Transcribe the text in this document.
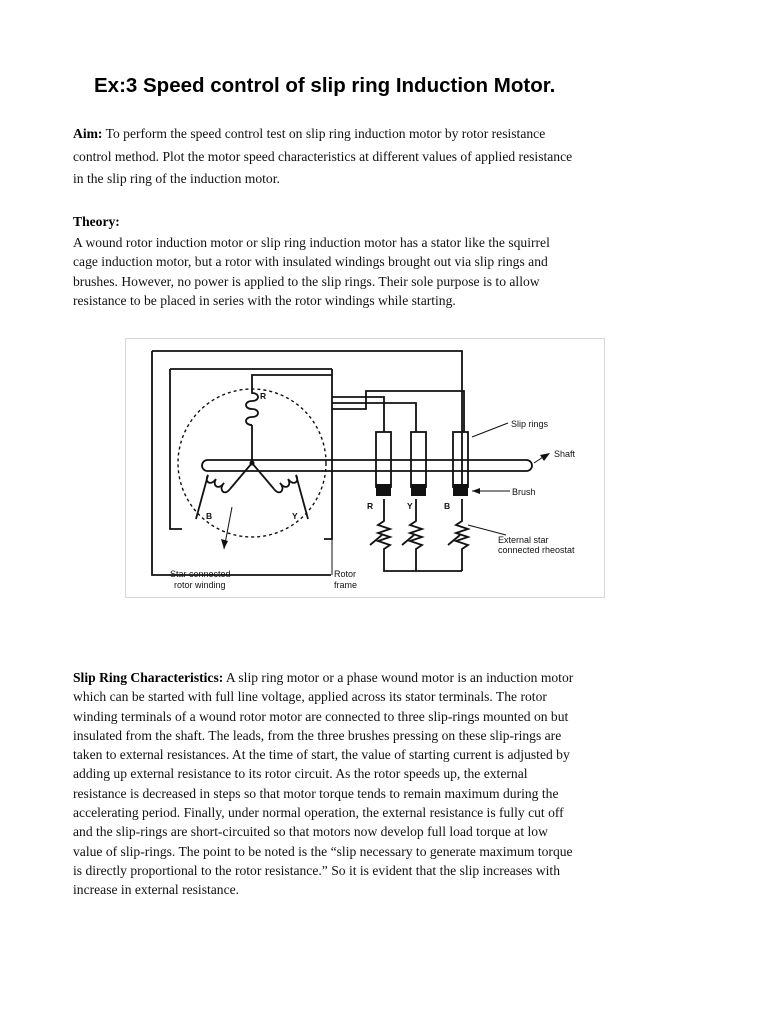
Ex:3 Speed control of slip ring Induction Motor.
Aim: To perform the speed control test on slip ring induction motor by rotor resistance
control method. Plot the motor speed characteristics at different values of applied resistance
in the slip ring of the induction motor.
Theory:
A wound rotor induction motor or slip ring induction motor has a stator like the squirrel
cage induction motor, but a rotor with insulated windings brought out via slip rings and
brushes. However, no power is applied to the slip rings. Their sole purpose is to allow
resistance to be placed in series with the rotor windings while starting.
R
B	Y
R	Y	B
Slip rings
Shaft
Brush
External star
connected rheostat
Star connected
rotor winding
Rotor
frame
Slip Ring Characteristics: A slip ring motor or a phase wound motor is an induction motor
which can be started with full line voltage, applied across its stator terminals. The rotor
winding terminals of a wound rotor motor are connected to three slip-rings mounted on but
insulated from the shaft. The leads, from the three brushes pressing on these slip-rings are
taken to external resistances. At the time of start, the value of starting current is adjusted by
adding up external resistance to its rotor circuit. As the rotor speeds up, the external
resistance is decreased in steps so that motor torque tends to remain maximum during the
accelerating period. Finally, under normal operation, the external resistance is fully cut off
and the slip-rings are short-circuited so that motors now develop full load torque at low
value of slip-rings. The point to be noted is the “slip necessary to generate maximum torque
is directly proportional to the rotor resistance.” So it is evident that the slip increases with
increase in external resistance.
